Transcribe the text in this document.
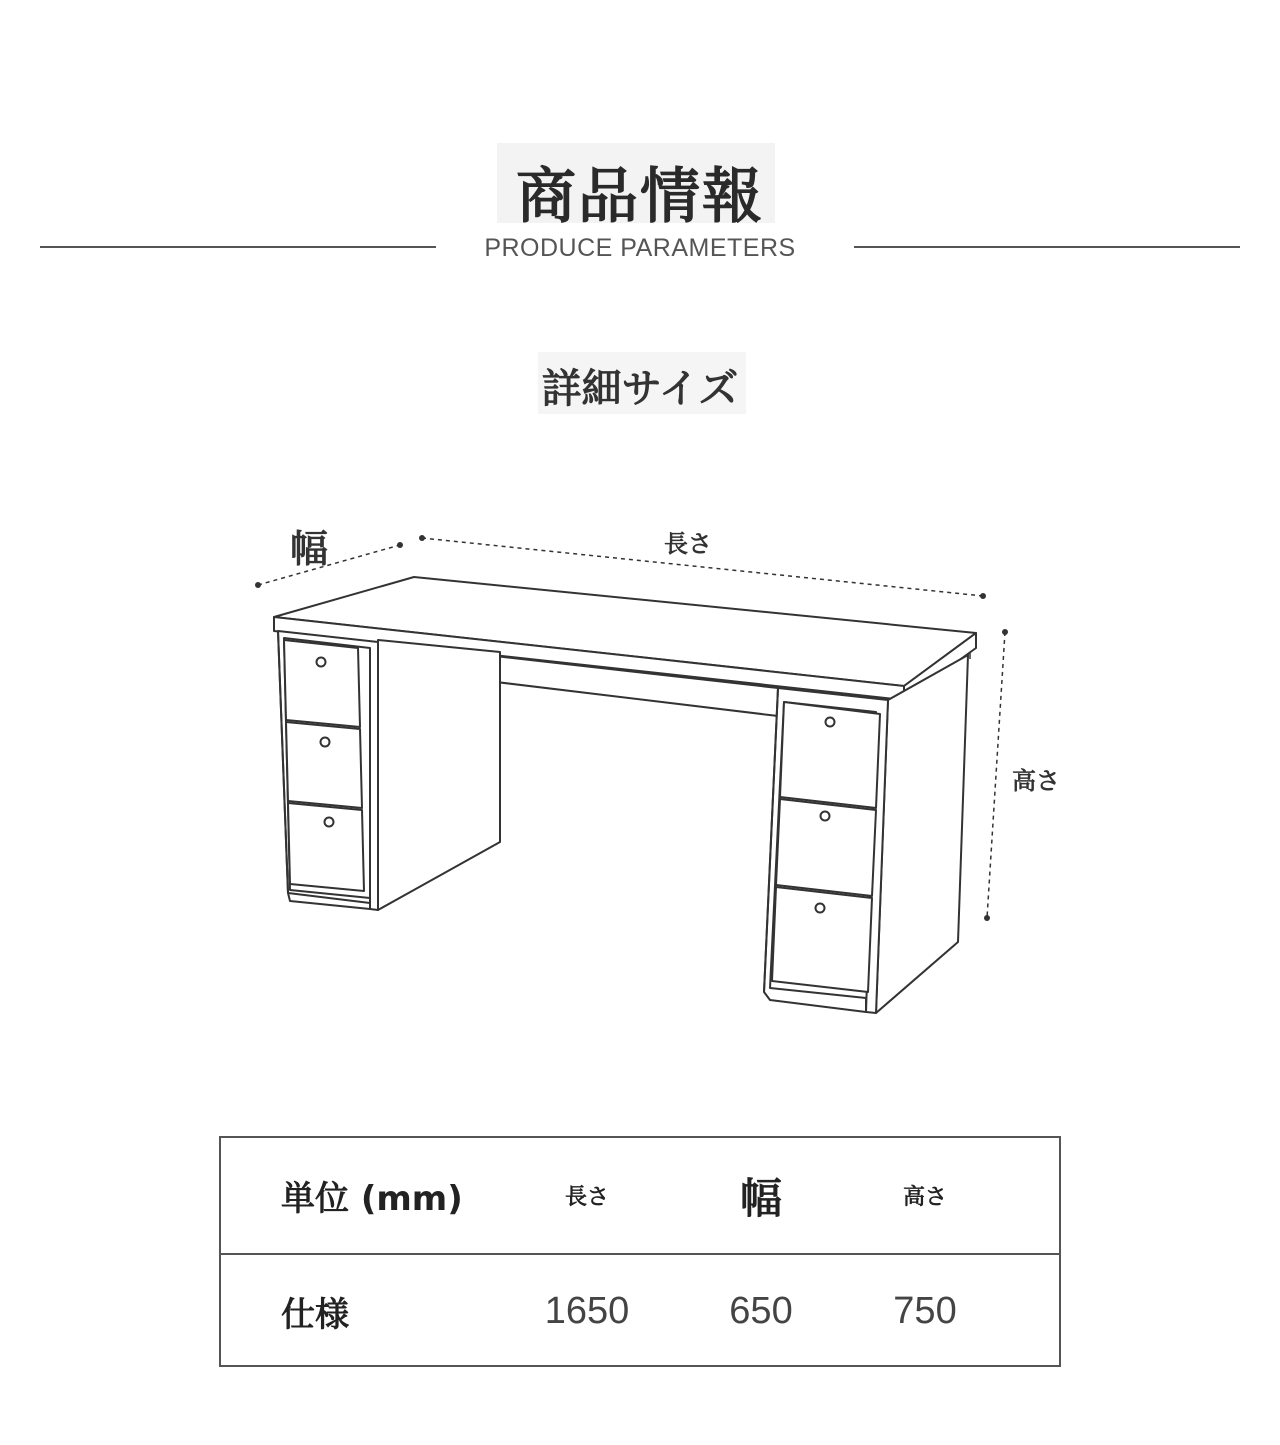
商品情報
PRODUCE PARAMETERS
詳細サイズ
幅	長さ
高さ
単位 (mm)	長さ	幅	高さ
仕様	1650	650	750
